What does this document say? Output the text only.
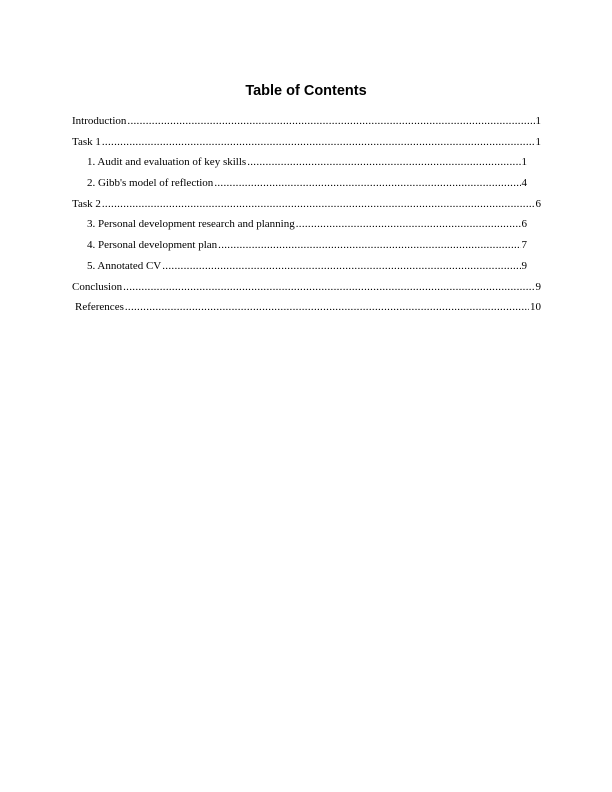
Table of Contents
Introduction .....	1
Task 1 .....	1
1. Audit and evaluation of key skills .....	1
2. Gibb's model of reflection .....	4
Task 2 .....	6
3. Personal development research and planning .....	6
4. Personal development plan .....	7
5. Annotated CV .....	9
Conclusion .....	9
References .....	10
